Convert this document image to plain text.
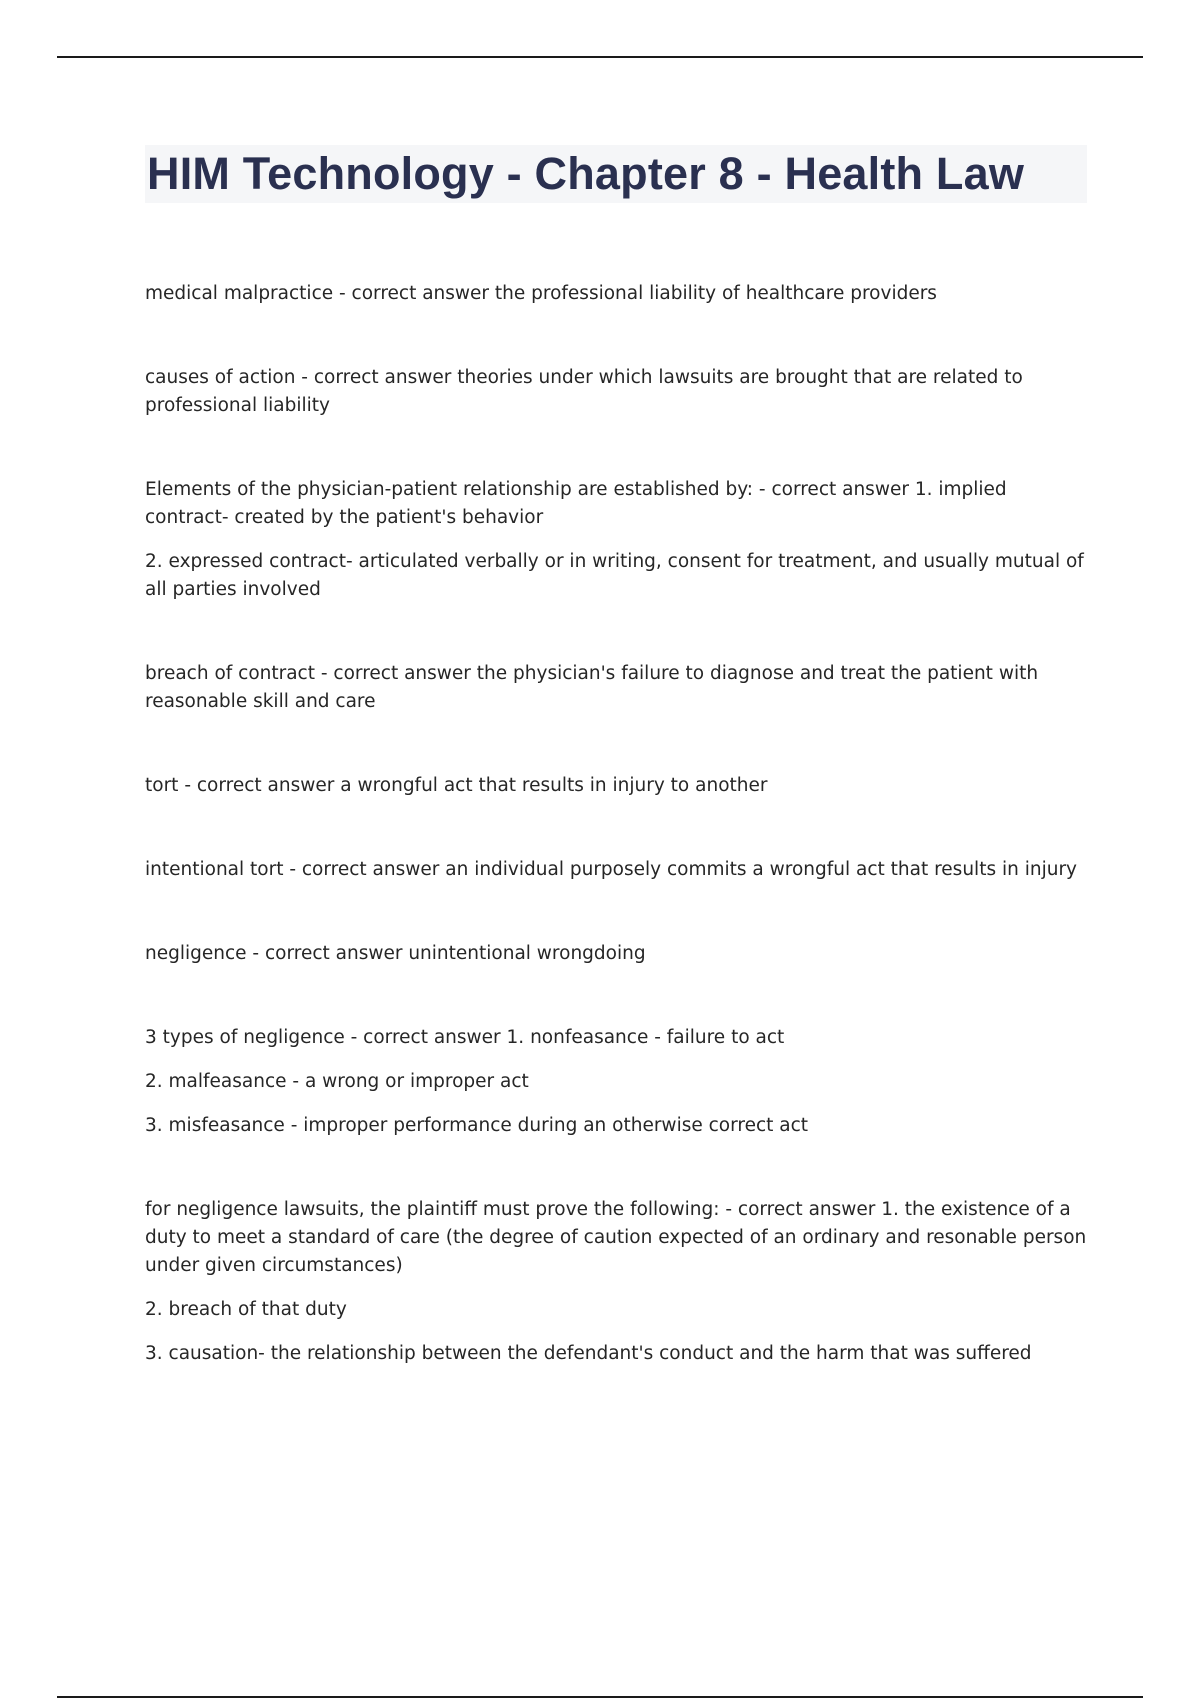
HIM Technology - Chapter 8 - Health Law

medical malpractice - correct answer the professional liability of healthcare providers

causes of action - correct answer theories under which lawsuits are brought that are related to professional liability

Elements of the physician-patient relationship are established by: - correct answer 1. implied contract- created by the patient's behavior

2. expressed contract- articulated verbally or in writing, consent for treatment, and usually mutual of all parties involved

breach of contract - correct answer the physician's failure to diagnose and treat the patient with reasonable skill and care

tort - correct answer a wrongful act that results in injury to another

intentional tort - correct answer an individual purposely commits a wrongful act that results in injury

negligence - correct answer unintentional wrongdoing

3 types of negligence - correct answer 1. nonfeasance - failure to act

2. malfeasance - a wrong or improper act

3. misfeasance - improper performance during an otherwise correct act

for negligence lawsuits, the plaintiff must prove the following: - correct answer 1. the existence of a duty to meet a standard of care (the degree of caution expected of an ordinary and resonable person under given circumstances)

2. breach of that duty

3. causation- the relationship between the defendant's conduct and the harm that was suffered
